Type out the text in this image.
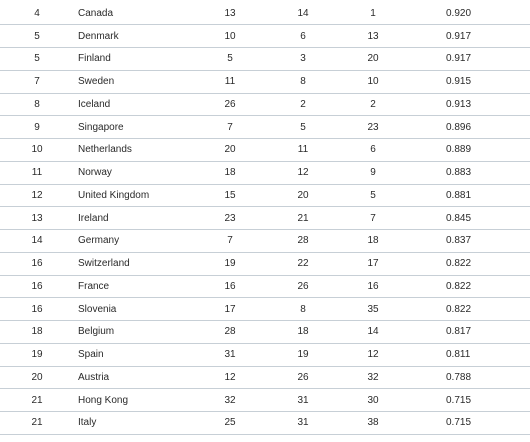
4	Canada	13	14	1	0.920
5	Denmark	10	6	13	0.917
5	Finland	5	3	20	0.917
7	Sweden	11	8	10	0.915
8	Iceland	26	2	2	0.913
9	Singapore	7	5	23	0.896
10	Netherlands	20	11	6	0.889
11	Norway	18	12	9	0.883
12	United Kingdom	15	20	5	0.881
13	Ireland	23	21	7	0.845
14	Germany	7	28	18	0.837
16	Switzerland	19	22	17	0.822
16	France	16	26	16	0.822
16	Slovenia	17	8	35	0.822
18	Belgium	28	18	14	0.817
19	Spain	31	19	12	0.811
20	Austria	12	26	32	0.788
21	Hong Kong	32	31	30	0.715
21	Italy	25	31	38	0.715
